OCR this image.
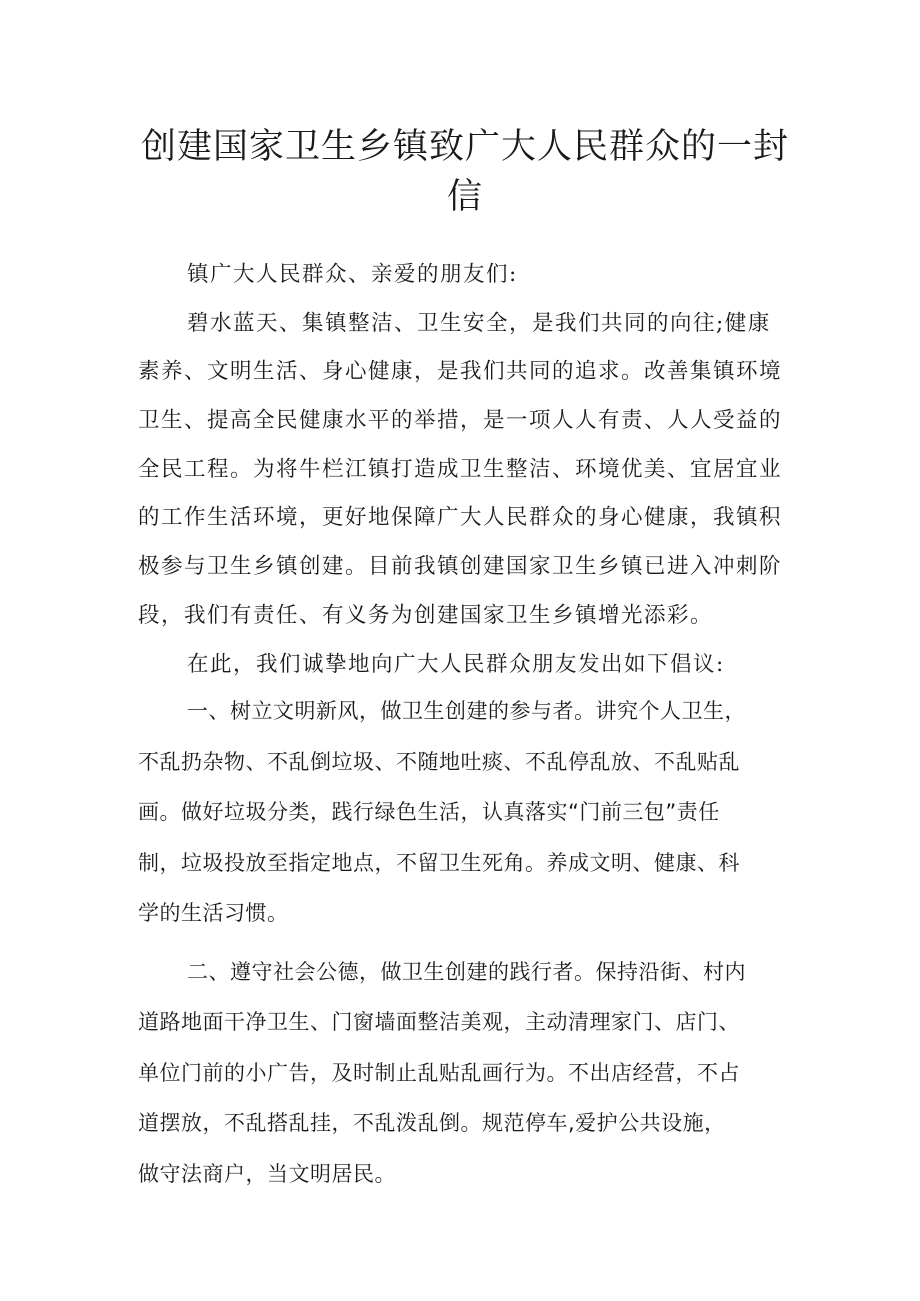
创建国家卫生乡镇致广大人民群众的一封
信
镇广大人民群众、亲爱的朋友们:
碧水蓝天、集镇整洁、卫生安全，是我们共同的向往;健康
素养、文明生活、身心健康，是我们共同的追求。改善集镇环境
卫生、提高全民健康水平的举措，是一项人人有责、人人受益的
全民工程。为将牛栏江镇打造成卫生整洁、环境优美、宜居宜业
的工作生活环境，更好地保障广大人民群众的身心健康，我镇积
极参与卫生乡镇创建。目前我镇创建国家卫生乡镇已进入冲刺阶
段，我们有责任、有义务为创建国家卫生乡镇增光添彩。
在此，我们诚挚地向广大人民群众朋友发出如下倡议:
一、树立文明新风，做卫生创建的参与者。讲究个人卫生，
不乱扔杂物、不乱倒垃圾、不随地吐痰、不乱停乱放、不乱贴乱
画。做好垃圾分类，践行绿色生活，认真落实“门前三包”责任
制，垃圾投放至指定地点，不留卫生死角。养成文明、健康、科
学的生活习惯。
二、遵守社会公德，做卫生创建的践行者。保持沿街、村内
道路地面干净卫生、门窗墙面整洁美观，主动清理家门、店门、
单位门前的小广告，及时制止乱贴乱画行为。不出店经营，不占
道摆放，不乱搭乱挂，不乱泼乱倒。规范停车,爱护公共设施，
做守法商户，当文明居民。
